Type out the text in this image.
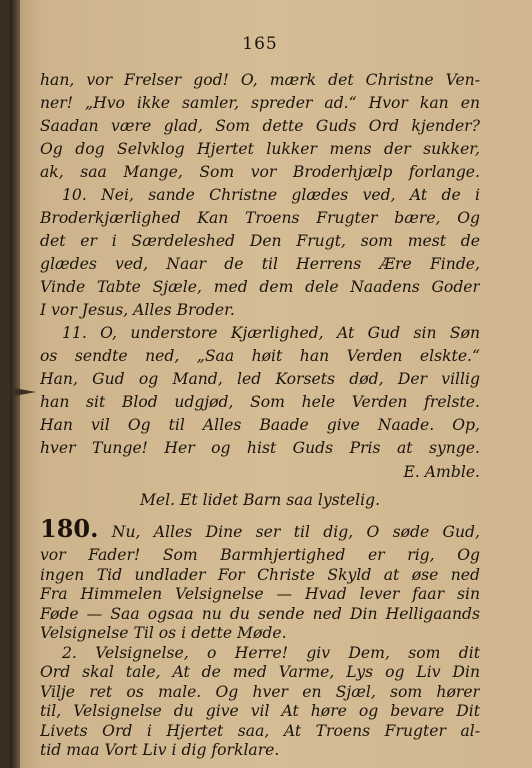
165
han, vor Frelser god! O, mærk det Christne Ven-
ner! „Hvo ikke samler, spreder ad.“ Hvor kan en
Saadan være glad, Som dette Guds Ord kjender?
Og dog Selvklog Hjertet lukker mens der sukker,
ak, saa Mange, Som vor Broderhjælp forlange.
10. Nei, sande Christne glædes ved, At de i
Broderkjærlighed Kan Troens Frugter bære, Og
det er i Særdeleshed Den Frugt, som mest de
glædes ved, Naar de til Herrens Ære Finde,
Vinde Tabte Sjæle, med dem dele Naadens Goder
I vor Jesus, Alles Broder.
11. O, understore Kjærlighed, At Gud sin Søn
os sendte ned, „Saa høit han Verden elskte.“
Han, Gud og Mand, led Korsets død, Der villig
han sit Blod udgjød, Som hele Verden frelste.
Han vil Og til Alles Baade give Naade. Op,
hver Tunge! Her og hist Guds Pris at synge.
E. Amble.
Mel. Et lidet Barn saa lystelig.
180. Nu, Alles Dine ser til dig, O søde Gud,
vor Fader! Som Barmhjertighed er rig, Og
ingen Tid undlader For Christe Skyld at øse ned
Fra Himmelen Velsignelse — Hvad lever faar sin
Føde — Saa ogsaa nu du sende ned Din Helligaands
Velsignelse Til os i dette Møde.
2. Velsignelse, o Herre! giv Dem, som dit
Ord skal tale, At de med Varme, Lys og Liv Din
Vilje ret os male. Og hver en Sjæl, som hører
til, Velsignelse du give vil At høre og bevare Dit
Livets Ord i Hjertet saa, At Troens Frugter al-
tid maa Vort Liv i dig forklare.
